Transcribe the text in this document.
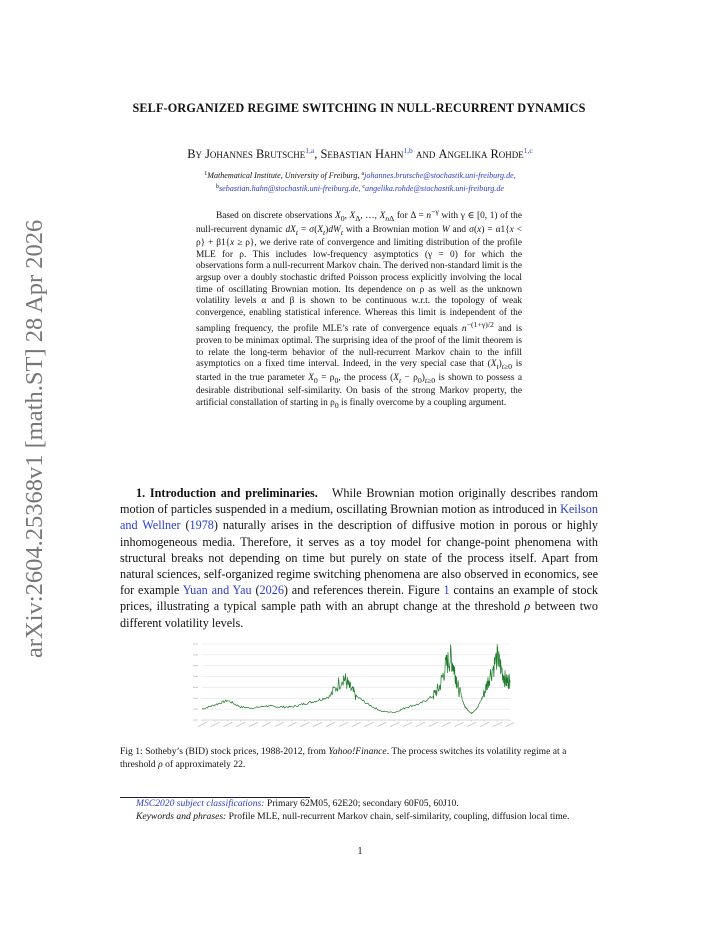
arXiv:2604.25368v1 [math.ST] 28 Apr 2026
SELF-ORGANIZED REGIME SWITCHING IN NULL-RECURRENT DYNAMICS
By Johannes Brutsche$^{1,a}$, Sebastian Hahn$^{1,b}$ and Angelika Rohde$^{1,c}$
$^1$Mathematical Institute, University of Freiburg, $^a$johannes.brutsche@stochastik.uni-freiburg.de,
$^b$sebastian.hahn@stochastik.uni-freiburg.de, $^c$angelika.rohde@stochastik.uni-freiburg.de

Based on discrete observations $X_0$, $X_\Delta$, …, $X_{n\Delta}$ for $\Delta = n^{-\gamma}$ with γ ∈ [0, 1) of the null-recurrent dynamic $dX_t = \sigma(X_t)dW_t$ with a Brownian motion W and σ(x) = α1{x < ρ} + β1{x ≥ ρ}, we derive rate of convergence and limiting distribution of the profile MLE for ρ. This includes low-frequency asymptotics (γ = 0) for which the observations form a null-recurrent Markov chain. The derived non-standard limit is the argsup over a doubly stochastic drifted Poisson process explicitly involving the local time of oscillating Brownian motion. Its dependence on ρ as well as the unknown volatility levels α and β is shown to be continuous w.r.t. the topology of weak convergence, enabling statistical inference. Whereas this limit is independent of the sampling frequency, the profile MLE’s rate of convergence equals $n^{-(1+\gamma)/2}$ and is proven to be minimax optimal. The surprising idea of the proof of the limit theorem is to relate the long-term behavior of the null-recurrent Markov chain to the infill asymptotics on a fixed time interval. Indeed, in the very special case that $(X_t)_{t\ge 0}$ is started in the true parameter $X_0 = \rho_0$, the process $(X_t - \rho_0)_{t\ge 0}$ is shown to possess a desirable distributional self-similarity. On basis of the strong Markov property, the artificial constallation of starting in $\rho_0$ is finally overcome by a coupling argument.

1. Introduction and preliminaries. While Brownian motion originally describes random motion of particles suspended in a medium, oscillating Brownian motion as introduced in Keilson and Wellner (1978) naturally arises in the description of diffusive motion in porous or highly inhomogeneous media. Therefore, it serves as a toy model for change-point phenomena with structural breaks not depending on time but purely on state of the process itself. Apart from natural sciences, self-organized regime switching phenomena are also observed in economics, see for example Yuan and Yau (2026) and references therein. Figure 1 contains an example of stock prices, illustrating a typical sample path with an abrupt change at the threshold ρ between two different volatility levels.

Fig 1: Sotheby’s (BID) stock prices, 1988-2012, from Yahoo!Finance. The process switches its volatility regime at a threshold ρ of approximately 22.

MSC2020 subject classifications: Primary 62M05, 62E20; secondary 60F05, 60J10.

Keywords and phrases: Profile MLE, null-recurrent Markov chain, self-similarity, coupling, diffusion local time.

1
